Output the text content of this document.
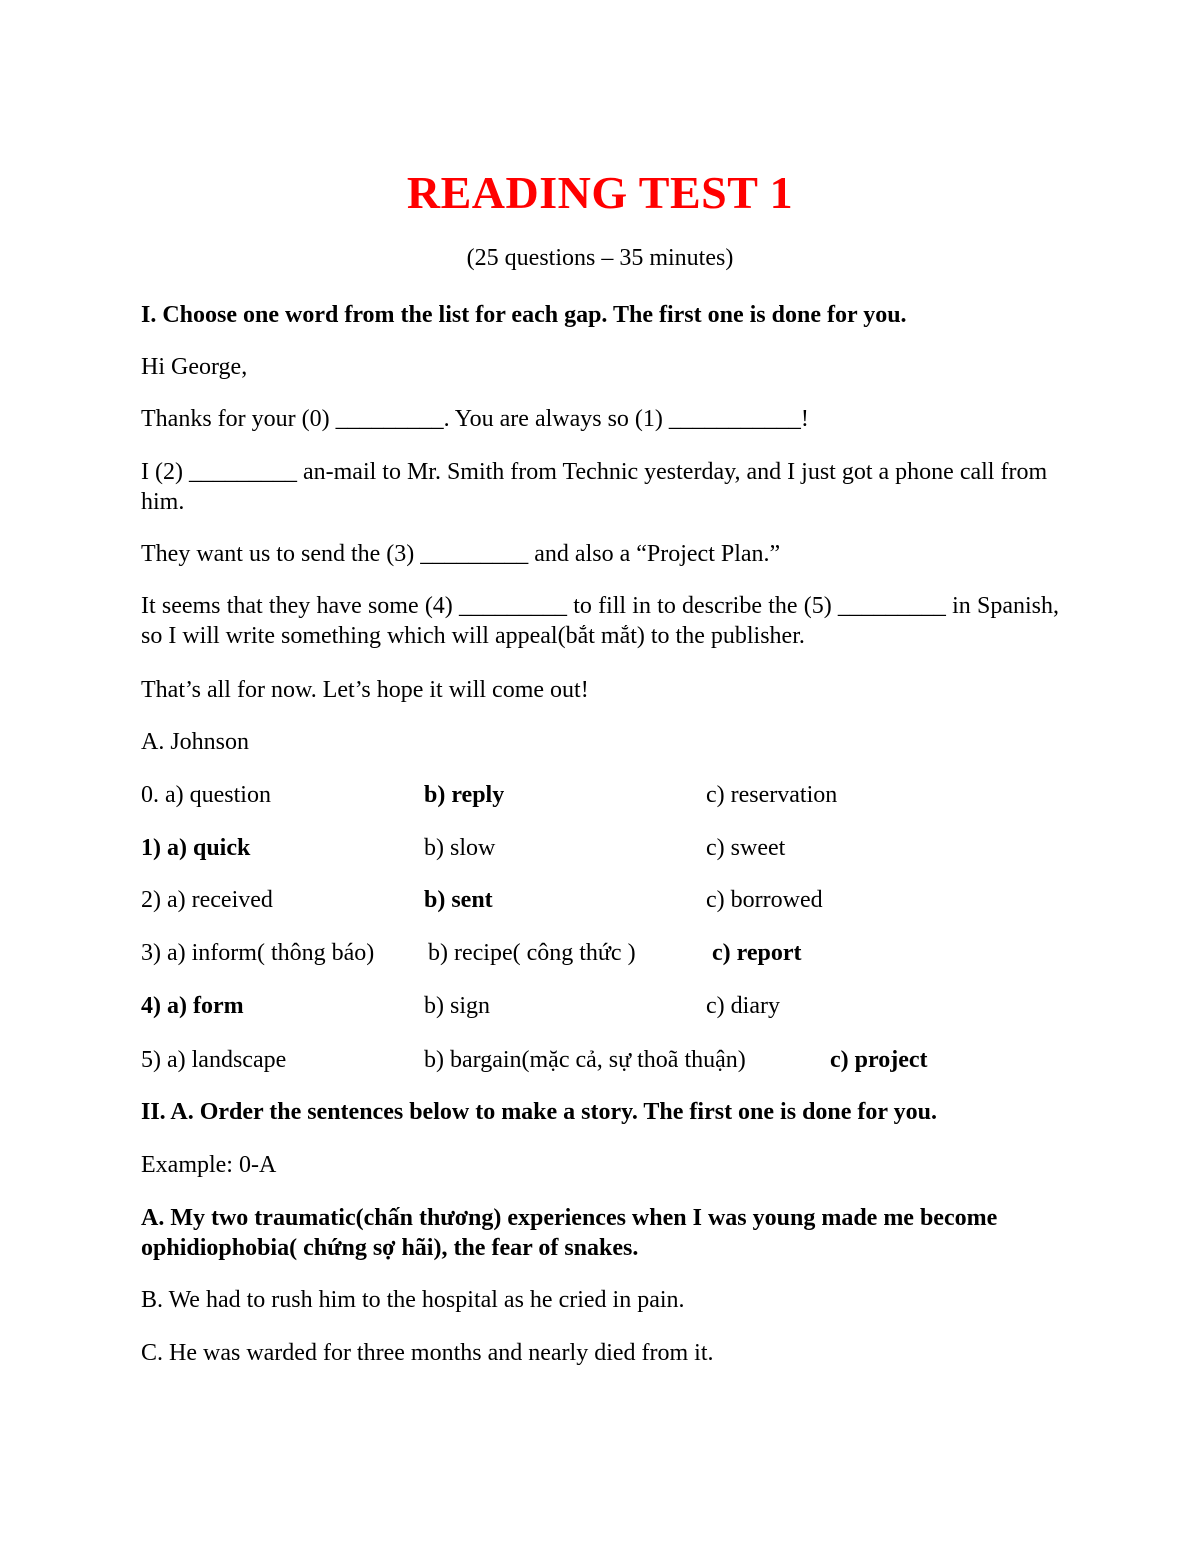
READING TEST 1
(25 questions – 35 minutes)
I. Choose one word from the list for each gap. The first one is done for you.
Hi George,
Thanks for your (0) _________. You are always so (1) ___________!
I (2) _________ an-mail to Mr. Smith from Technic yesterday, and I just got a phone call from him.
They want us to send the (3) _________ and also a “Project Plan.”
It seems that they have some (4) _________ to fill in to describe the (5) _________ in Spanish, so I will write something which will appeal(bắt mắt) to the publisher.
That’s all for now. Let’s hope it will come out!
A. Johnson
0. a) question	b) reply	c) reservation
1) a) quick	b) slow	c) sweet
2) a) received	b) sent	c) borrowed
3) a) inform( thông báo) b) recipe( công thức )	c) report
4) a) form	b) sign	c) diary
5) a) landscape	b) bargain(mặc cả, sự thoã thuận)	c) project
II. A. Order the sentences below to make a story. The first one is done for you.
Example: 0-A
A. My two traumatic(chấn thương) experiences when I was young made me become ophidiophobia( chứng sợ hãi), the fear of snakes.
B. We had to rush him to the hospital as he cried in pain.
C. He was warded for three months and nearly died from it.
